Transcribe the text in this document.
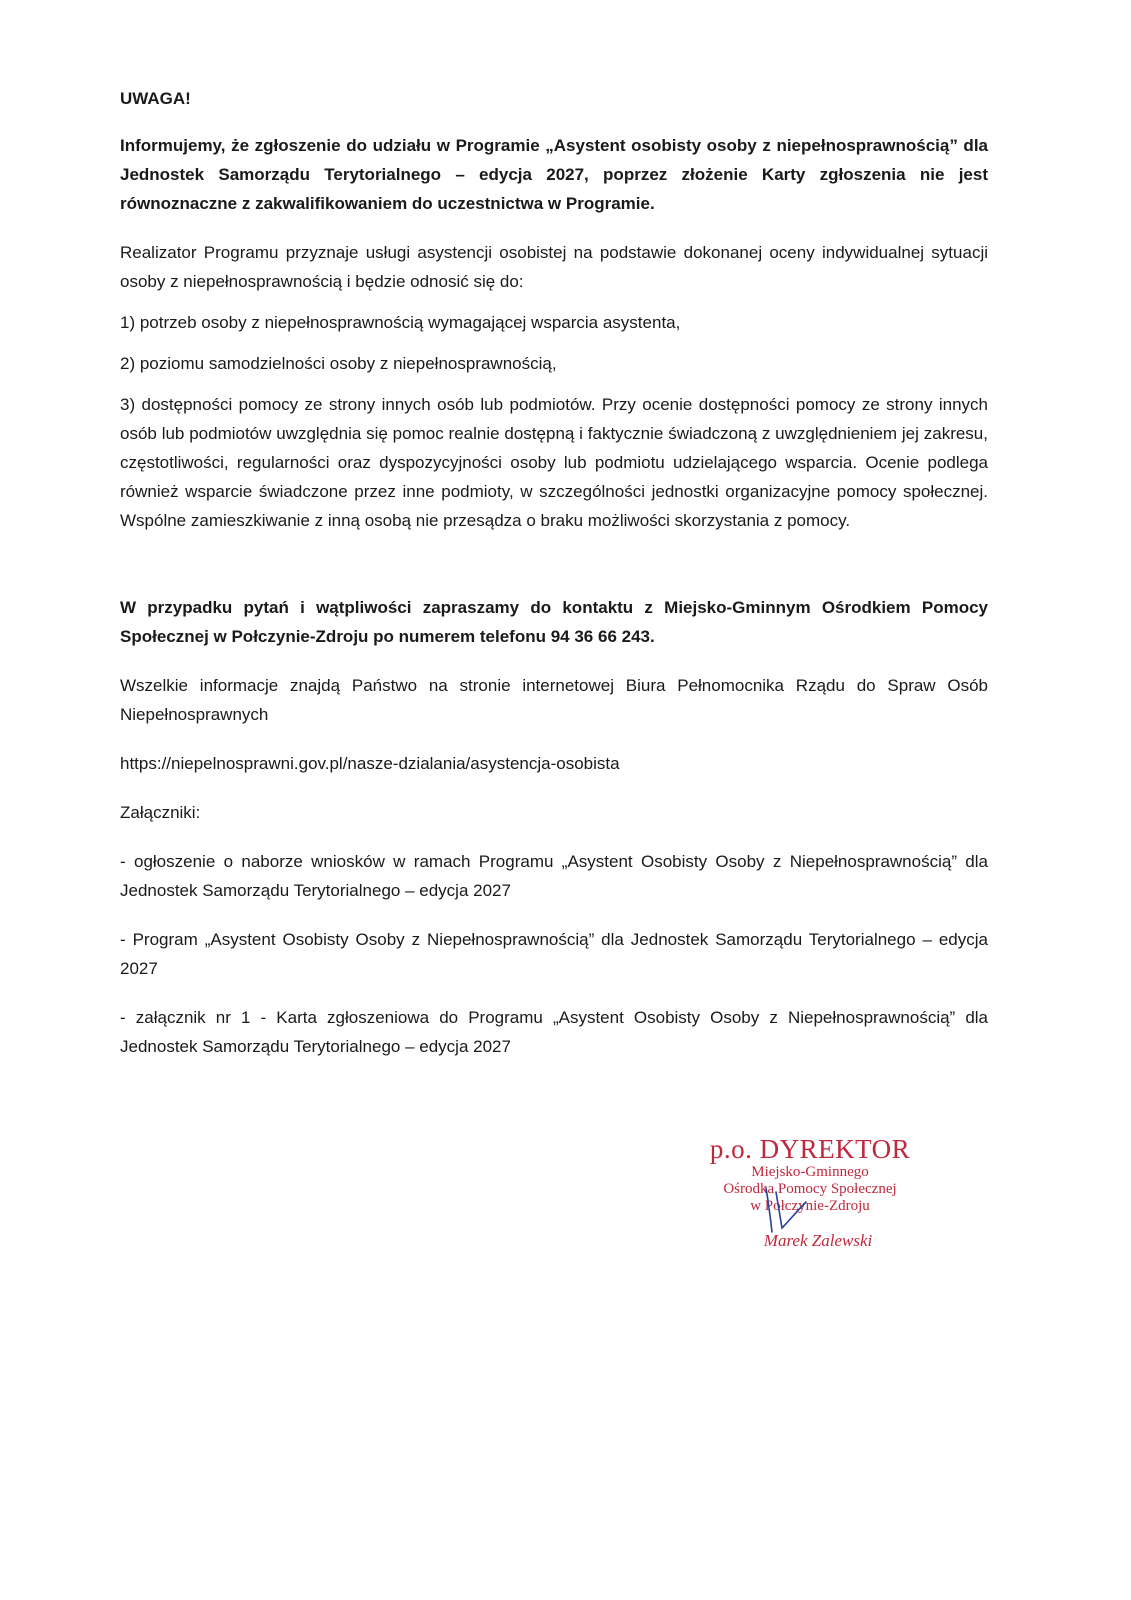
UWAGA!

Informujemy, że zgłoszenie do udziału w Programie „Asystent osobisty osoby z niepełnosprawnością” dla Jednostek Samorządu Terytorialnego – edycja 2027, poprzez złożenie Karty zgłoszenia nie jest równoznaczne z zakwalifikowaniem do uczestnictwa w Programie.

Realizator Programu przyznaje usługi asystencji osobistej na podstawie dokonanej oceny indywidualnej sytuacji osoby z niepełnosprawnością i będzie odnosić się do:

1) potrzeb osoby z niepełnosprawnością wymagającej wsparcia asystenta,

2) poziomu samodzielności osoby z niepełnosprawnością,

3) dostępności pomocy ze strony innych osób lub podmiotów. Przy ocenie dostępności pomocy ze strony innych osób lub podmiotów uwzględnia się pomoc realnie dostępną i faktycznie świadczoną z uwzględnieniem jej zakresu, częstotliwości, regularności oraz dyspozycyjności osoby lub podmiotu udzielającego wsparcia. Ocenie podlega również wsparcie świadczone przez inne podmioty, w szczególności jednostki organizacyjne pomocy społecznej. Wspólne zamieszkiwanie z inną osobą nie przesądza o braku możliwości skorzystania z pomocy.

W przypadku pytań i wątpliwości zapraszamy do kontaktu z Miejsko-Gminnym Ośrodkiem Pomocy Społecznej w Połczynie-Zdroju po numerem telefonu 94 36 66 243.

Wszelkie informacje znajdą Państwo na stronie internetowej Biura Pełnomocnika Rządu do Spraw Osób Niepełnosprawnych

https://niepelnosprawni.gov.pl/nasze-dzialania/asystencja-osobista

Załączniki:

- ogłoszenie o naborze wniosków w ramach Programu „Asystent Osobisty Osoby z Niepełnosprawnością” dla Jednostek Samorządu Terytorialnego – edycja 2027

- Program „Asystent Osobisty Osoby z Niepełnosprawnością” dla Jednostek Samorządu Terytorialnego – edycja 2027

- załącznik nr 1 - Karta zgłoszeniowa do Programu „Asystent Osobisty Osoby z Niepełnosprawnością” dla Jednostek Samorządu Terytorialnego – edycja 2027

p.o. DYREKTOR
Miejsko-Gminnego
Ośrodka Pomocy Społecznej
w Połczynie-Zdroju
Marek Zalewski
